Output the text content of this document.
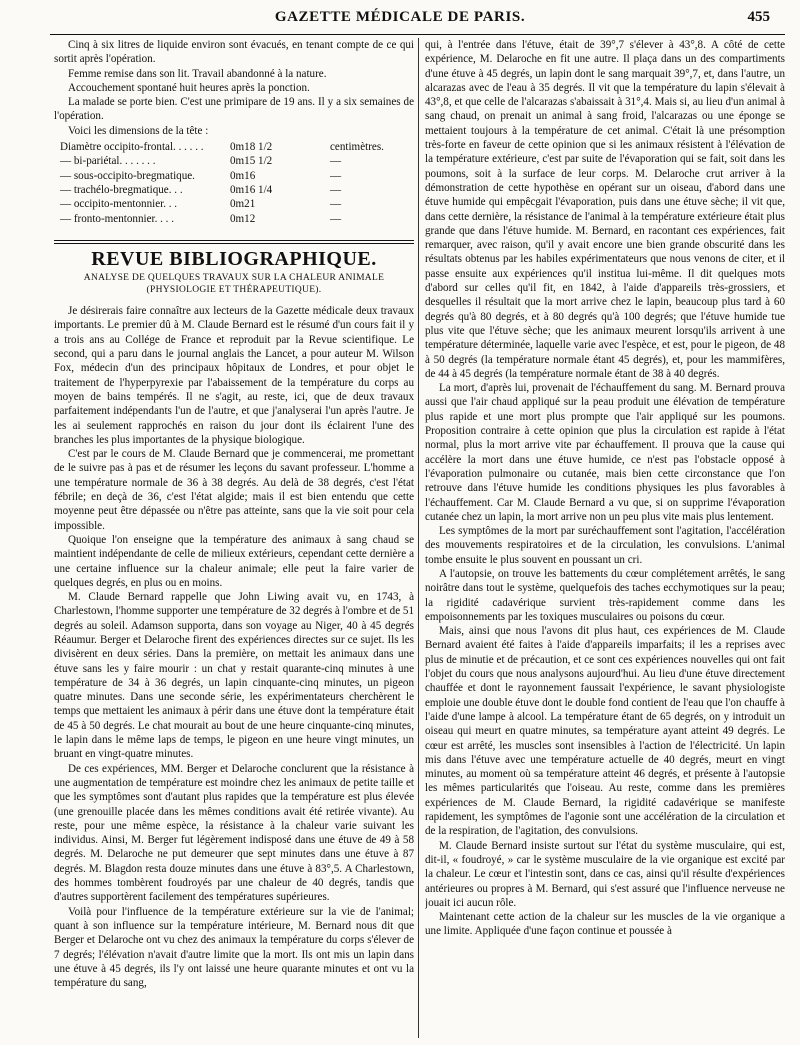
GAZETTE MÉDICALE DE PARIS.	455

Cinq à six litres de liquide environ sont évacués, en tenant compte de ce qui sortit après l'opération.

Femme remise dans son lit. Travail abandonné à la nature.

Accouchement spontané huit heures après la ponction.

La malade se porte bien. C'est une primipare de 19 ans. Il y a six semaines de l'opération.

Voici les dimensions de la tête :

Diamètre occipito-frontal. . . . . .	0m18 1/2	centimètres.
— bi-pariétal. . . . . . .	0m15 1/2	—
— sous-occipito-bregmatique.	0m16	—
— trachélo-bregmatique. . .	0m16 1/4	—
— occipito-mentonnier. . .	0m21	—
— fronto-mentonnier. . . .	0m12	—
REVUE BIBLIOGRAPHIQUE.
ANALYSE DE QUELQUES TRAVAUX SUR LA CHALEUR ANIMALE
(PHYSIOLOGIE ET THÉRAPEUTIQUE).

Je désirerais faire connaître aux lecteurs de la Gazette médicale deux travaux importants. Le premier dû à M. Claude Bernard est le résumé d'un cours fait il y a trois ans au Collége de France et reproduit par la Revue scientifique. Le second, qui a paru dans le journal anglais the Lancet, a pour auteur M. Wilson Fox, médecin d'un des principaux hôpitaux de Londres, et pour objet le traitement de l'hyperpyrexie par l'abaissement de la température du corps au moyen de bains tempérés. Il ne s'agit, au reste, ici, que de deux travaux parfaitement indépendants l'un de l'autre, et que j'analyserai l'un après l'autre. Je les ai seulement rapprochés en raison du jour dont ils éclairent l'une des branches les plus importantes de la physique biologique.

C'est par le cours de M. Claude Bernard que je commencerai, me promettant de le suivre pas à pas et de résumer les leçons du savant professeur. L'homme a une température normale de 36 à 38 degrés. Au delà de 38 degrés, c'est l'état fébrile; en deçà de 36, c'est l'état algide; mais il est bien entendu que cette moyenne peut être dépassée ou n'être pas atteinte, sans que la vie soit pour cela impossible.

Quoique l'on enseigne que la température des animaux à sang chaud se maintient indépendante de celle de milieux extérieurs, cependant cette dernière a une certaine influence sur la chaleur animale; elle peut la faire varier de quelques degrés, en plus ou en moins.

M. Claude Bernard rappelle que John Liwing avait vu, en 1743, à Charlestown, l'homme supporter une température de 32 degrés à l'ombre et de 51 degrés au soleil. Adamson supporta, dans son voyage au Niger, 40 à 45 degrés Réaumur. Berger et Delaroche firent des expériences directes sur ce sujet. Ils les divisèrent en deux séries. Dans la première, on mettait les animaux dans une étuve sans les y faire mourir : un chat y restait quarante-cinq minutes à une température de 34 à 36 degrés, un lapin cinquante-cinq minutes, un pigeon quatre minutes. Dans une seconde série, les expérimentateurs cherchèrent le temps que mettaient les animaux à périr dans une étuve dont la température était de 45 à 50 degrés. Le chat mourait au bout de une heure cinquante-cinq minutes, le lapin dans le même laps de temps, le pigeon en une heure vingt minutes, un bruant en vingt-quatre minutes.

De ces expériences, MM. Berger et Delaroche conclurent que la résistance à une augmentation de température est moindre chez les animaux de petite taille et que les symptômes sont d'autant plus rapides que la température est plus élevée (une grenouille placée dans les mêmes conditions avait été retirée vivante). Au reste, pour une même espèce, la résistance à la chaleur varie suivant les individus. Ainsi, M. Berger fut légèrement indisposé dans une étuve de 49 à 58 degrés. M. Delaroche ne put demeurer que sept minutes dans une étuve à 87 degrés. M. Blagdon resta douze minutes dans une étuve à 83°,5. A Charlestown, des hommes tombèrent foudroyés par une chaleur de 40 degrés, tandis que d'autres supportèrent facilement des températures supérieures.

Voilà pour l'influence de la température extérieure sur la vie de l'animal; quant à son influence sur la température intérieure, M. Bernard nous dit que Berger et Delaroche ont vu chez des animaux la température du corps s'élever de 7 degrés; l'élévation n'avait d'autre limite que la mort. Ils ont mis un lapin dans une étuve à 45 degrés, ils l'y ont laissé une heure quarante minutes et ont vu la température du sang,

qui, à l'entrée dans l'étuve, était de 39°,7 s'élever à 43°,8. A côté de cette expérience, M. Delaroche en fit une autre. Il plaça dans un des compartiments d'une étuve à 45 degrés, un lapin dont le sang marquait 39°,7, et, dans l'autre, un alcarazas avec de l'eau à 35 degrés. Il vit que la température du lapin s'élevait à 43°,8, et que celle de l'alcarazas s'abaissait à 31°,4. Mais si, au lieu d'un animal à sang chaud, on prenait un animal à sang froid, l'alcarazas ou une éponge se mettaient toujours à la température de cet animal. C'était là une présomption très-forte en faveur de cette opinion que si les animaux résistent à l'élévation de la température extérieure, c'est par suite de l'évaporation qui se fait, soit dans les poumons, soit à la surface de leur corps. M. Delaroche crut arriver à la démonstration de cette hypothèse en opérant sur un oiseau, d'abord dans une étuve humide qui empêcgait l'évaporation, puis dans une étuve sèche; il vit que, dans cette dernière, la résistance de l'animal à la température extérieure était plus grande que dans l'étuve humide. M. Bernard, en racontant ces expériences, fait remarquer, avec raison, qu'il y avait encore une bien grande obscurité dans les résultats obtenus par les habiles expérimentateurs que nous venons de citer, et il passe ensuite aux expériences qu'il institua lui-même. Il dit quelques mots d'abord sur celles qu'il fit, en 1842, à l'aide d'appareils très-grossiers, et desquelles il résultait que la mort arrive chez le lapin, beaucoup plus tard à 60 degrés qu'à 80 degrés, et à 80 degrés qu'à 100 degrés; que l'étuve humide tue plus vite que l'étuve sèche; que les animaux meurent lorsqu'ils arrivent à une température déterminée, laquelle varie avec l'espèce, et est, pour le pigeon, de 48 à 50 degrés (la température normale étant 45 degrés), et, pour les mammifères, de 44 à 45 degrés (la température normale étant de 38 à 40 degrés.

La mort, d'après lui, provenait de l'échauffement du sang. M. Bernard prouva aussi que l'air chaud appliqué sur la peau produit une élévation de température plus rapide et une mort plus prompte que l'air appliqué sur les poumons. Proposition contraire à cette opinion que plus la circulation est rapide à l'état normal, plus la mort arrive vite par échauffement. Il prouva que la cause qui accélère la mort dans une étuve humide, ce n'est pas l'obstacle opposé à l'évaporation pulmonaire ou cutanée, mais bien cette circonstance que l'on retrouve dans l'étuve humide les conditions physiques les plus favorables à l'échauffement. Car M. Claude Bernard a vu que, si on supprime l'évaporation cutanée chez un lapin, la mort arrive non un peu plus vite mais plus lentement.

Les symptômes de la mort par suréchauffement sont l'agitation, l'accélération des mouvements respiratoires et de la circulation, les convulsions. L'animal tombe ensuite le plus souvent en poussant un cri.

A l'autopsie, on trouve les battements du cœur complétement arrêtés, le sang noirâtre dans tout le système, quelquefois des taches ecchymotiques sur la peau; la rigidité cadavérique survient très-rapidement comme dans les empoisonnements par les toxiques musculaires ou poisons du cœur.

Mais, ainsi que nous l'avons dit plus haut, ces expériences de M. Claude Bernard avaient été faites à l'aide d'appareils imparfaits; il les a reprises avec plus de minutie et de précaution, et ce sont ces expériences nouvelles qui ont fait l'objet du cours que nous analysons aujourd'hui. Au lieu d'une étuve directement chauffée et dont le rayonnement faussait l'expérience, le savant physiologiste emploie une double étuve dont le double fond contient de l'eau que l'on chauffe à l'aide d'une lampe à alcool. La température étant de 65 degrés, on y introduit un oiseau qui meurt en quatre minutes, sa température ayant atteint 49 degrés. Le cœur est arrêté, les muscles sont insensibles à l'action de l'électricité. Un lapin mis dans l'étuve avec une température actuelle de 40 degrés, meurt en vingt minutes, au moment où sa température atteint 46 degrés, et présente à l'autopsie les mêmes particularités que l'oiseau. Au reste, comme dans les premières expériences de M. Claude Bernard, la rigidité cadavérique se manifeste rapidement, les symptômes de l'agonie sont une accélération de la circulation et de la respiration, de l'agitation, des convulsions.

M. Claude Bernard insiste surtout sur l'état du système musculaire, qui est, dit-il, « foudroyé, » car le système musculaire de la vie organique est excité par la chaleur. Le cœur et l'intestin sont, dans ce cas, ainsi qu'il résulte d'expériences antérieures ou propres à M. Bernard, qui s'est assuré que l'influence nerveuse ne jouait ici aucun rôle.

Maintenant cette action de la chaleur sur les muscles de la vie organique a une limite. Appliquée d'une façon continue et poussée à
